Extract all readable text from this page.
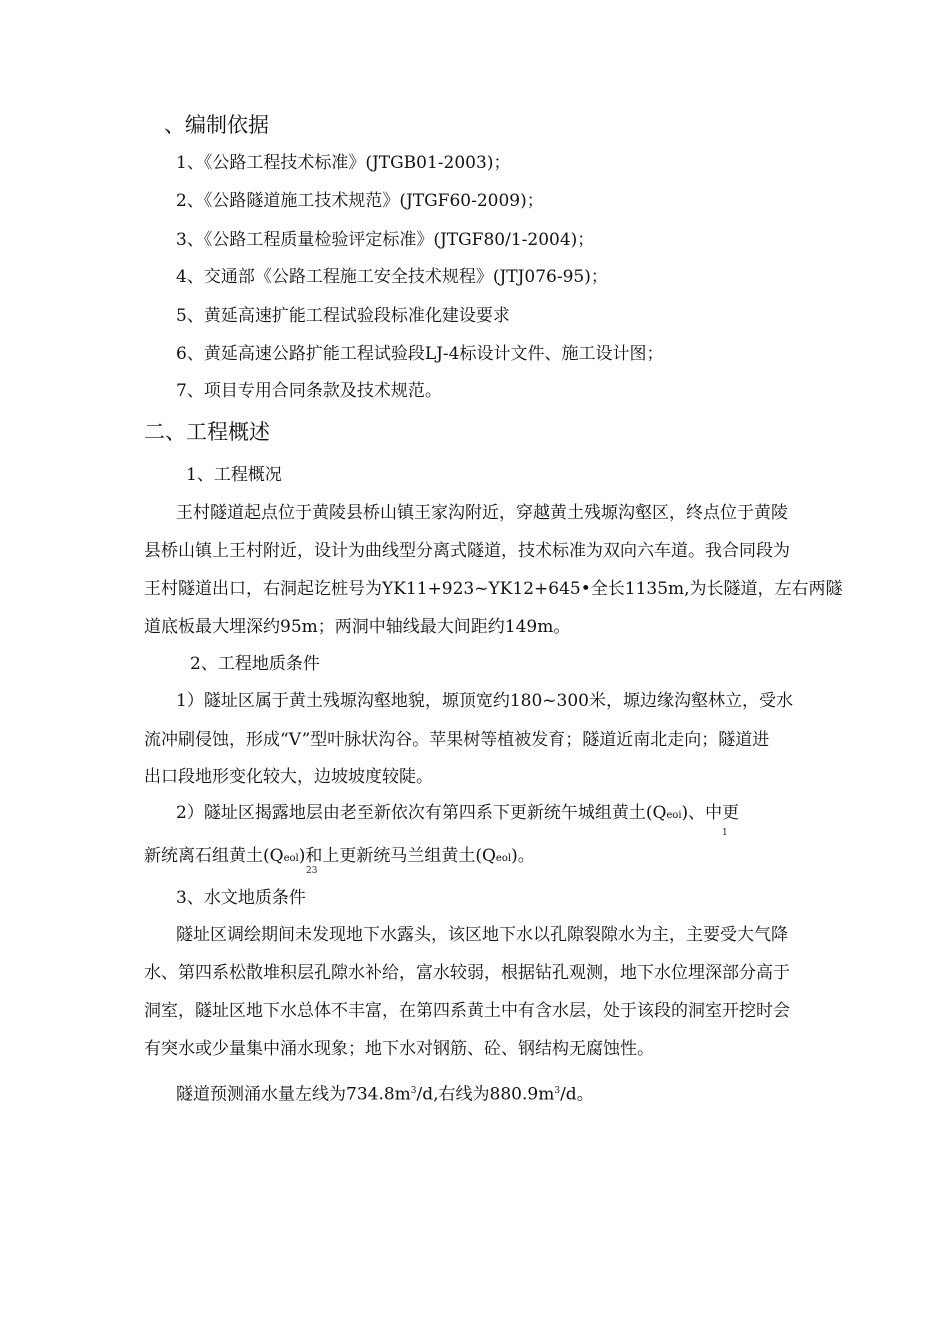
、编制依据
1、《公路工程技术标准》(JTGB01-2003)；
2、《公路隧道施工技术规范》(JTGF60-2009)；
3、《公路工程质量检验评定标准》(JTGF80/1-2004)；
4、交通部《公路工程施工安全技术规程》(JTJ076-95)；
5、黄延高速扩能工程试验段标准化建设要求
6、黄延高速公路扩能工程试验段LJ-4标设计文件、施工设计图；
7、项目专用合同条款及技术规范。
二、工程概述
1、工程概况
王村隧道起点位于黄陵县桥山镇王家沟附近，穿越黄土残塬沟壑区，终点位于黄陵
县桥山镇上王村附近，设计为曲线型分离式隧道，技术标准为双向六车道。我合同段为
王村隧道出口，右洞起讫桩号为YK11+923~YK12+645•全长1135m,为长隧道，左右两隧
道底板最大埋深约95m；两洞中轴线最大间距约149m。
2、工程地质条件
1）隧址区属于黄土残塬沟壑地貌，塬顶宽约180~300米，塬边缘沟壑林立，受水
流冲刷侵蚀，形成“V”型叶脉状沟谷。苹果树等植被发育；隧道近南北走向；隧道进
出口段地形变化较大，边坡坡度较陡。
2）隧址区揭露地层由老至新依次有第四系下更新统午城组黄土(Qeoi)、中更
1
新统离石组黄土(Qeol)和上更新统马兰组黄土(Qeol)。
23
3、水文地质条件
隧址区调绘期间未发现地下水露头，该区地下水以孔隙裂隙水为主，主要受大气降
水、第四系松散堆积层孔隙水补给，富水较弱，根据钻孔观测，地下水位埋深部分高于
洞室，隧址区地下水总体不丰富，在第四系黄土中有含水层，处于该段的洞室开挖时会
有突水或少量集中涌水现象；地下水对钢筋、砼、钢结构无腐蚀性。
隧道预测涌水量左线为$734.8m^3/d$,右线为$880.9m^3/d$。
